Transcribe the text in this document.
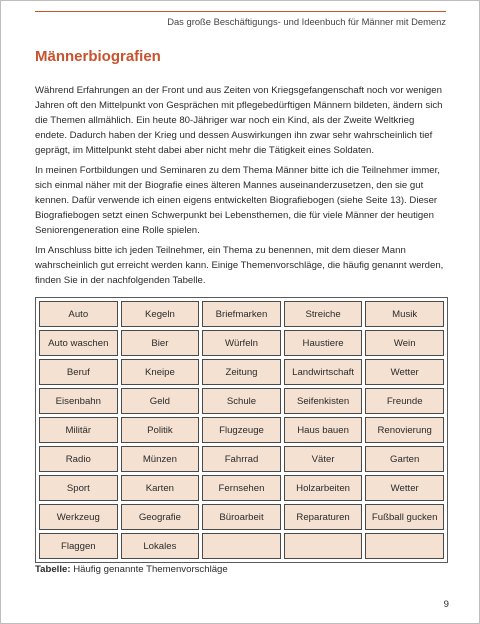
Das große Beschäftigungs- und Ideenbuch für Männer mit Demenz
Männerbiografien

Während Erfahrungen an der Front und aus Zeiten von Kriegsgefangenschaft noch vor wenigen Jahren oft den Mittelpunkt von Gesprächen mit pflegebedürftigen Männern bildeten, ändern sich die Themen allmählich. Ein heute 80-Jähriger war noch ein Kind, als der Zweite Weltkrieg endete. Dadurch haben der Krieg und dessen Auswirkungen ihn zwar sehr wahrscheinlich tief geprägt, im Mittelpunkt steht dabei aber nicht mehr die Tätigkeit eines Soldaten.

In meinen Fortbildungen und Seminaren zu dem Thema Männer bitte ich die Teilnehmer immer, sich einmal näher mit der Biografie eines älteren Mannes auseinanderzusetzen, den sie gut kennen. Dafür verwende ich einen eigens entwickelten Biografiebogen (siehe Seite 13). Dieser Biografiebogen setzt einen Schwerpunkt bei Lebensthemen, die für viele Männer der heutigen Seniorengeneration eine Rolle spielen.

Im Anschluss bitte ich jeden Teilnehmer, ein Thema zu benennen, mit dem dieser Mann wahrscheinlich gut erreicht werden kann. Einige Themenvorschläge, die häufig genannt werden, finden Sie in der nachfolgenden Tabelle.

Auto	Kegeln	Briefmarken	Streiche	Musik
Auto waschen	Bier	Würfeln	Haustiere	Wein
Beruf	Kneipe	Zeitung	Landwirtschaft	Wetter
Eisenbahn	Geld	Schule	Seifenkisten	Freunde
Militär	Politik	Flugzeuge	Haus bauen	Renovierung
Radio	Münzen	Fahrrad	Väter	Garten
Sport	Karten	Fernsehen	Holzarbeiten	Wetter
Werkzeug	Geografie	Büroarbeit	Reparaturen	Fußball gucken
Flaggen	Lokales			
Tabelle: Häufig genannte Themenvorschläge
9
